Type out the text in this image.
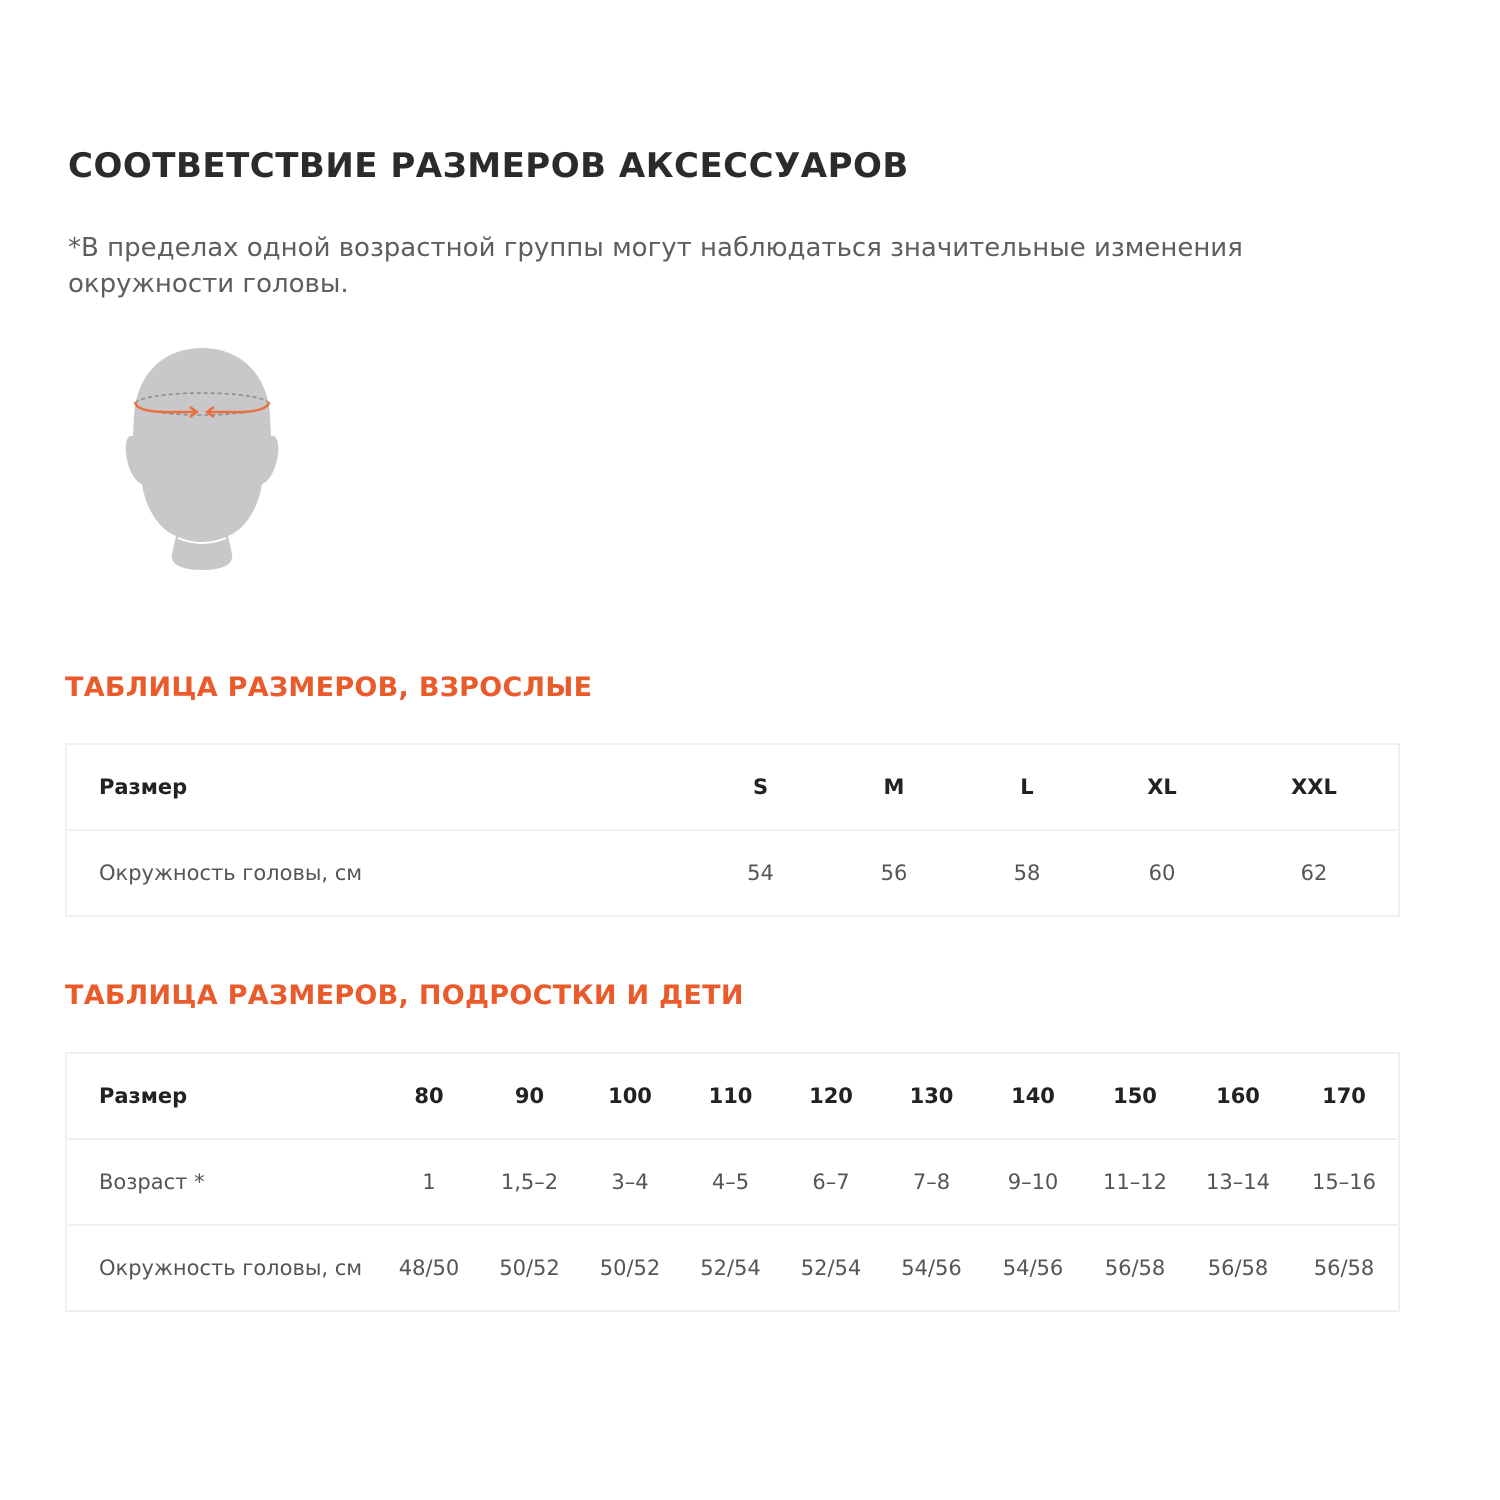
СООТВЕТСТВИЕ РАЗМЕРОВ АКСЕССУАРОВ

*В пределах одной возрастной группы могут наблюдаться значительные изменения окружности головы.

ТАБЛИЦА РАЗМЕРОВ, ВЗРОСЛЫЕ
Размер	S	M	L	XL	XXL
Окружность головы, см	54	56	58	60	62
ТАБЛИЦА РАЗМЕРОВ, ПОДРОСТКИ И ДЕТИ
Размер	80	90	100	110	120	130	140	150	160	170
Возраст *	1	1,5–2	3–4	4–5	6–7	7–8	9–10	11–12	13–14	15–16
Окружность головы, см	48/50	50/52	50/52	52/54	52/54	54/56	54/56	56/58	56/58	56/58
